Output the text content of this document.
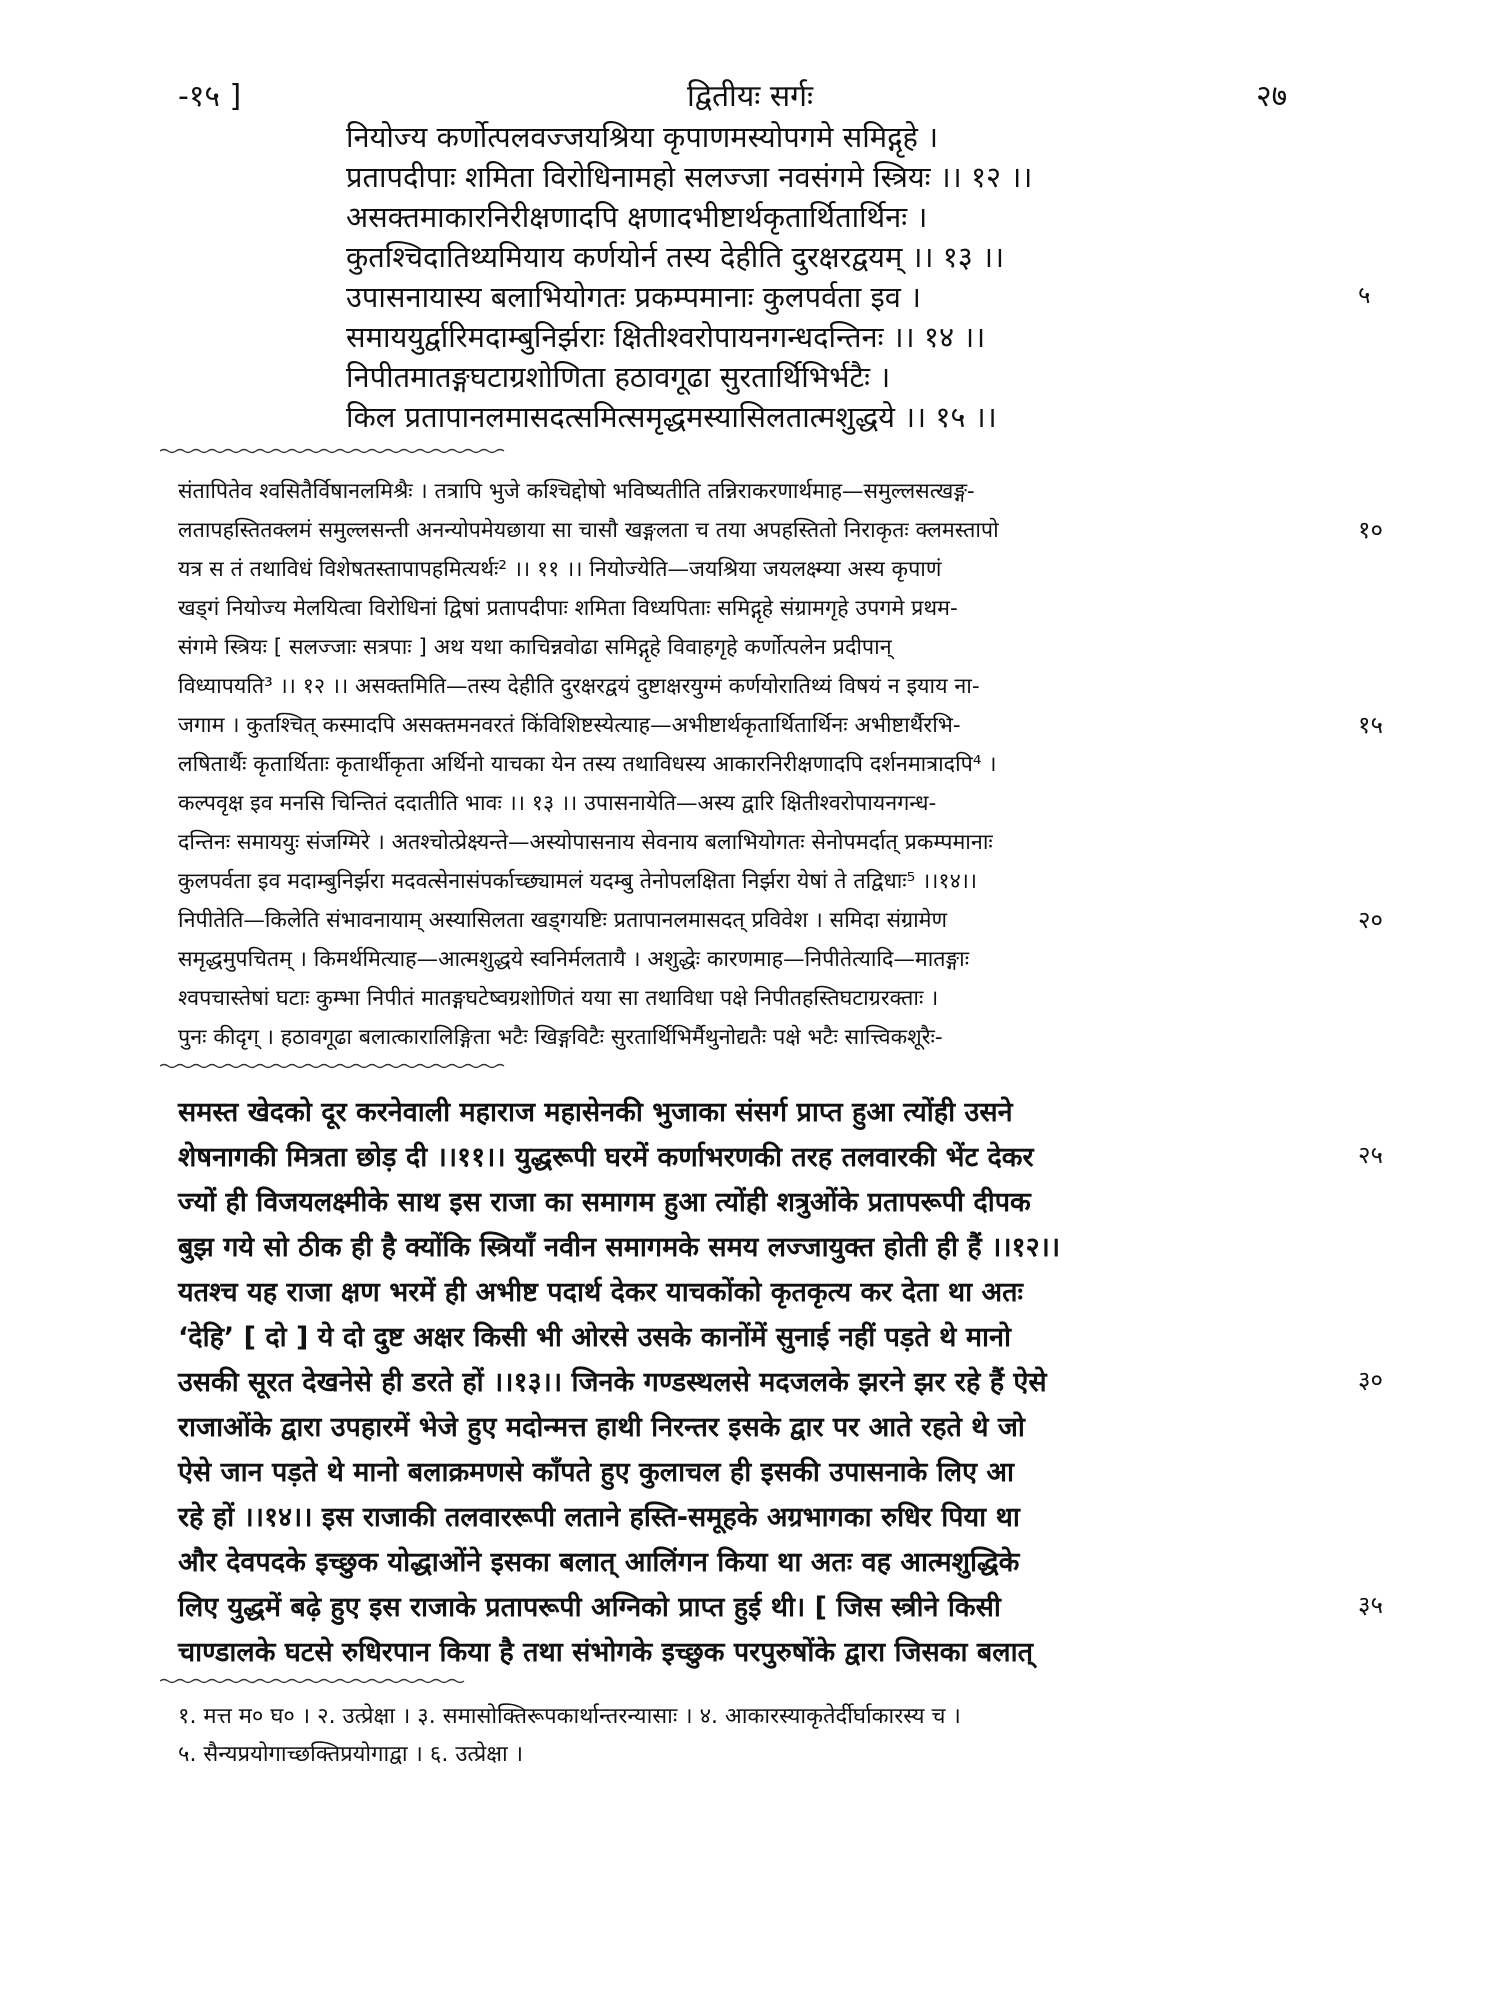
-१५ ]	द्वितीयः सर्गः	२७
नियोज्य कर्णोत्पलवज्जयश्रिया कृपाणमस्योपगमे समिद्गृहे ।
प्रतापदीपाः शमिता विरोधिनामहो सलज्जा नवसंगमे स्त्रियः ।। १२ ।।
असक्तमाकारनिरीक्षणादपि क्षणादभीष्टार्थकृतार्थितार्थिनः ।
कुतश्चिदातिथ्यमियाय कर्णयोर्न तस्य देहीति दुरक्षरद्वयम् ।। १३ ।।
उपासनायास्य बलाभियोगतः प्रकम्पमानाः कुलपर्वता इव ।
समाययुर्द्वारिमदाम्बुनिर्झराः क्षितीश्वरोपायनगन्धदन्तिनः ।। १४ ।।
निपीतमातङ्गघटाग्रशोणिता हठावगूढा सुरतार्थिभिर्भटैः ।
किल प्रतापानलमासदत्समित्समृद्धमस्यासिलतात्मशुद्धये ।। १५ ।।
संतापितेव श्वसितैर्विषानलमिश्रैः । तत्रापि भुजे कश्चिद्दोषो भविष्यतीति तन्निराकरणार्थमाह—समुल्लसत्खङ्ग-
लतापहस्तितक्लमं समुल्लसन्ती अनन्योपमेयछाया सा चासौ खङ्गलता च तया अपहस्तितो निराकृतः क्लमस्तापो
यत्र स तं तथाविधं विशेषतस्तापापहमित्यर्थः² ।। ११ ।। नियोज्येति—जयश्रिया जयलक्ष्म्या अस्य कृपाणं
खड्गं नियोज्य मेलयित्वा विरोधिनां द्विषां प्रतापदीपाः शमिता विध्यपिताः समिद्गृहे संग्रामगृहे उपगमे प्रथम-
संगमे स्त्रियः [ सलज्जाः सत्रपाः ] अथ यथा काचिन्नवोढा समिद्गृहे विवाहगृहे कर्णोत्पलेन प्रदीपान्
विध्यापयति³ ।। १२ ।। असक्तमिति—तस्य देहीति दुरक्षरद्वयं दुष्टाक्षरयुग्मं कर्णयोरातिथ्यं विषयं न इयाय ना-
जगाम । कुतश्चित् कस्मादपि असक्तमनवरतं किंविशिष्टस्येत्याह—अभीष्टार्थकृतार्थितार्थिनः अभीष्टार्थैरभि-
लषितार्थैः कृतार्थिताः कृतार्थीकृता अर्थिनो याचका येन तस्य तथाविधस्य आकारनिरीक्षणादपि दर्शनमात्रादपि⁴ ।
कल्पवृक्ष इव मनसि चिन्तितं ददातीति भावः ।। १३ ।। उपासनायेति—अस्य द्वारि क्षितीश्वरोपायनगन्ध-
दन्तिनः समाययुः संजग्मिरे । अतश्चोत्प्रेक्ष्यन्ते—अस्योपासनाय सेवनाय बलाभियोगतः सेनोपमर्दात् प्रकम्पमानाः
कुलपर्वता इव मदाम्बुनिर्झरा मदवत्सेनासंपर्काच्छ्यामलं यदम्बु तेनोपलक्षिता निर्झरा येषां ते तद्विधाः⁵ ।।१४।।
निपीतेति—किलेति संभावनायाम् अस्यासिलता खड्गयष्टिः प्रतापानलमासदत् प्रविवेश । समिदा संग्रामेण
समृद्धमुपचितम् । किमर्थमित्याह—आत्मशुद्धये स्वनिर्मलतायै । अशुद्धेः कारणमाह—निपीतेत्यादि—मातङ्गाः
श्वपचास्तेषां घटाः कुम्भा निपीतं मातङ्गघटेष्वग्रशोणितं यया सा तथाविधा पक्षे निपीतहस्तिघटाग्ररक्ताः ।
पुनः कीदृग् । हठावगूढा बलात्कारालिङ्गिता भटैः खिङ्गविटैः सुरतार्थिभिर्मैथुनोद्यतैः पक्षे भटैः सात्त्विकशूरैः-
समस्त खेदको दूर करनेवाली महाराज महासेनकी भुजाका संसर्ग प्राप्त हुआ त्योंही उसने
शेषनागकी मित्रता छोड़ दी ।।११।। युद्धरूपी घरमें कर्णाभरणकी तरह तलवारकी भेंट देकर
ज्यों ही विजयलक्ष्मीके साथ इस राजा का समागम हुआ त्योंही शत्रुओंके प्रतापरूपी दीपक
बुझ गये सो ठीक ही है क्योंकि स्त्रियाँ नवीन समागमके समय लज्जायुक्त होती ही हैं ।।१२।।
यतश्च यह राजा क्षण भरमें ही अभीष्ट पदार्थ देकर याचकोंको कृतकृत्य कर देता था अतः
‘देहि’ [ दो ] ये दो दुष्ट अक्षर किसी भी ओरसे उसके कानोंमें सुनाई नहीं पड़ते थे मानो
उसकी सूरत देखनेसे ही डरते हों ।।१३।। जिनके गण्डस्थलसे मदजलके झरने झर रहे हैं ऐसे
राजाओंके द्वारा उपहारमें भेजे हुए मदोन्मत्त हाथी निरन्तर इसके द्वार पर आते रहते थे जो
ऐसे जान पड़ते थे मानो बलाक्रमणसे काँपते हुए कुलाचल ही इसकी उपासनाके लिए आ
रहे हों ।।१४।। इस राजाकी तलवाररूपी लताने हस्ति-समूहके अग्रभागका रुधिर पिया था
और देवपदके इच्छुक योद्धाओंने इसका बलात् आलिंगन किया था अतः वह आत्मशुद्धिके
लिए युद्धमें बढ़े हुए इस राजाके प्रतापरूपी अग्निको प्राप्त हुई थी। [ जिस स्त्रीने किसी
चाण्डालके घटसे रुधिरपान किया है तथा संभोगके इच्छुक परपुरुषोंके द्वारा जिसका बलात्
१. मत्त म० घ० । २. उत्प्रेक्षा । ३. समासोक्तिरूपकार्थान्तरन्यासाः । ४. आकारस्याकृतेर्दीर्घाकारस्य च ।
५. सैन्यप्रयोगाच्छक्तिप्रयोगाद्वा । ६. उत्प्रेक्षा ।
५
१०
१५
२०
२५
३०
३५
